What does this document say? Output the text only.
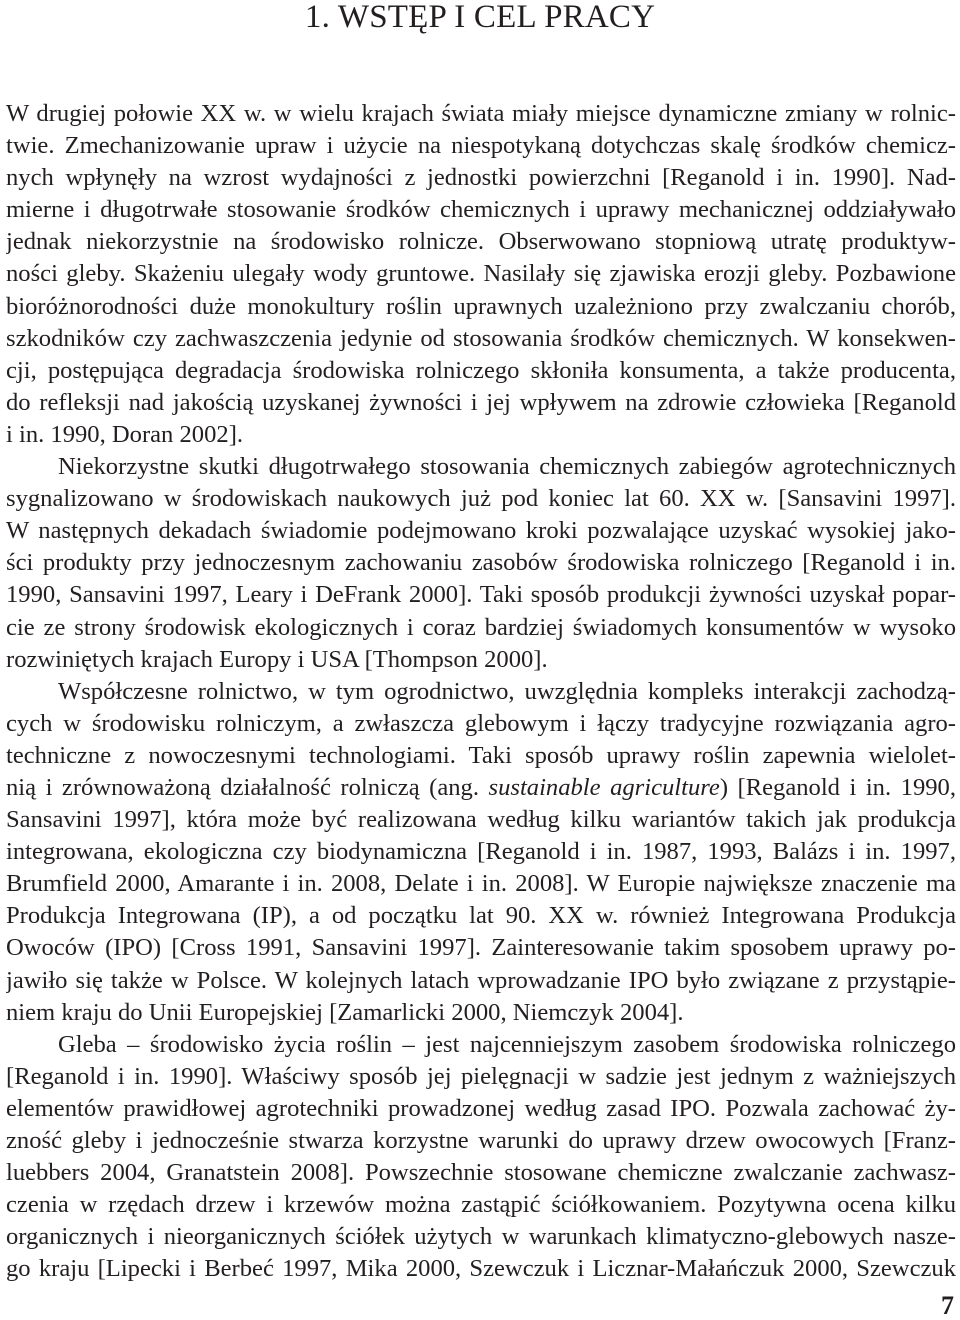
1. WSTĘP I CEL PRACY
W drugiej połowie XX w. w wielu krajach świata miały miejsce dynamiczne zmiany w rolnic-
twie. Zmechanizowanie upraw i użycie na niespotykaną dotychczas skalę środków chemicz-
nych wpłynęły na wzrost wydajności z jednostki powierzchni [Reganold i in. 1990]. Nad-
mierne i długotrwałe stosowanie środków chemicznych i uprawy mechanicznej oddziaływało
jednak niekorzystnie na środowisko rolnicze. Obserwowano stopniową utratę produktyw-
ności gleby. Skażeniu ulegały wody gruntowe. Nasilały się zjawiska erozji gleby. Pozbawione
bioróżnorodności duże monokultury roślin uprawnych uzależniono przy zwalczaniu chorób,
szkodników czy zachwaszczenia jedynie od stosowania środków chemicznych. W konsekwen-
cji, postępująca degradacja środowiska rolniczego skłoniła konsumenta, a także producenta,
do refleksji nad jakością uzyskanej żywności i jej wpływem na zdrowie człowieka [Reganold
i in. 1990, Doran 2002].
Niekorzystne skutki długotrwałego stosowania chemicznych zabiegów agrotechnicznych
sygnalizowano w środowiskach naukowych już pod koniec lat 60. XX w. [Sansavini 1997].
W następnych dekadach świadomie podejmowano kroki pozwalające uzyskać wysokiej jako-
ści produkty przy jednoczesnym zachowaniu zasobów środowiska rolniczego [Reganold i in.
1990, Sansavini 1997, Leary i DeFrank 2000]. Taki sposób produkcji żywności uzyskał popar-
cie ze strony środowisk ekologicznych i coraz bardziej świadomych konsumentów w wysoko
rozwiniętych krajach Europy i USA [Thompson 2000].
Współczesne rolnictwo, w tym ogrodnictwo, uwzględnia kompleks interakcji zachodzą-
cych w środowisku rolniczym, a zwłaszcza glebowym i łączy tradycyjne rozwiązania agro-
techniczne z nowoczesnymi technologiami. Taki sposób uprawy roślin zapewnia wielolet-
nią i zrównoważoną działalność rolniczą (ang. sustainable agriculture) [Reganold i in. 1990,
Sansavini 1997], która może być realizowana według kilku wariantów takich jak produkcja
integrowana, ekologiczna czy biodynamiczna [Reganold i in. 1987, 1993, Balázs i in. 1997,
Brumfield 2000, Amarante i in. 2008, Delate i in. 2008]. W Europie największe znaczenie ma
Produkcja Integrowana (IP), a od początku lat 90. XX w. również Integrowana Produkcja
Owoców (IPO) [Cross 1991, Sansavini 1997]. Zainteresowanie takim sposobem uprawy po-
jawiło się także w Polsce. W kolejnych latach wprowadzanie IPO było związane z przystąpie-
niem kraju do Unii Europejskiej [Zamarlicki 2000, Niemczyk 2004].
Gleba – środowisko życia roślin – jest najcenniejszym zasobem środowiska rolniczego
[Reganold i in. 1990]. Właściwy sposób jej pielęgnacji w sadzie jest jednym z ważniejszych
elementów prawidłowej agrotechniki prowadzonej według zasad IPO. Pozwala zachować ży-
zność gleby i jednocześnie stwarza korzystne warunki do uprawy drzew owocowych [Franz-
luebbers 2004, Granatstein 2008]. Powszechnie stosowane chemiczne zwalczanie zachwasz-
czenia w rzędach drzew i krzewów można zastąpić ściółkowaniem. Pozytywna ocena kilku
organicznych i nieorganicznych ściółek użytych w warunkach klimatyczno-glebowych nasze-
go kraju [Lipecki i Berbeć 1997, Mika 2000, Szewczuk i Licznar-Małańczuk 2000, Szewczuk
7
